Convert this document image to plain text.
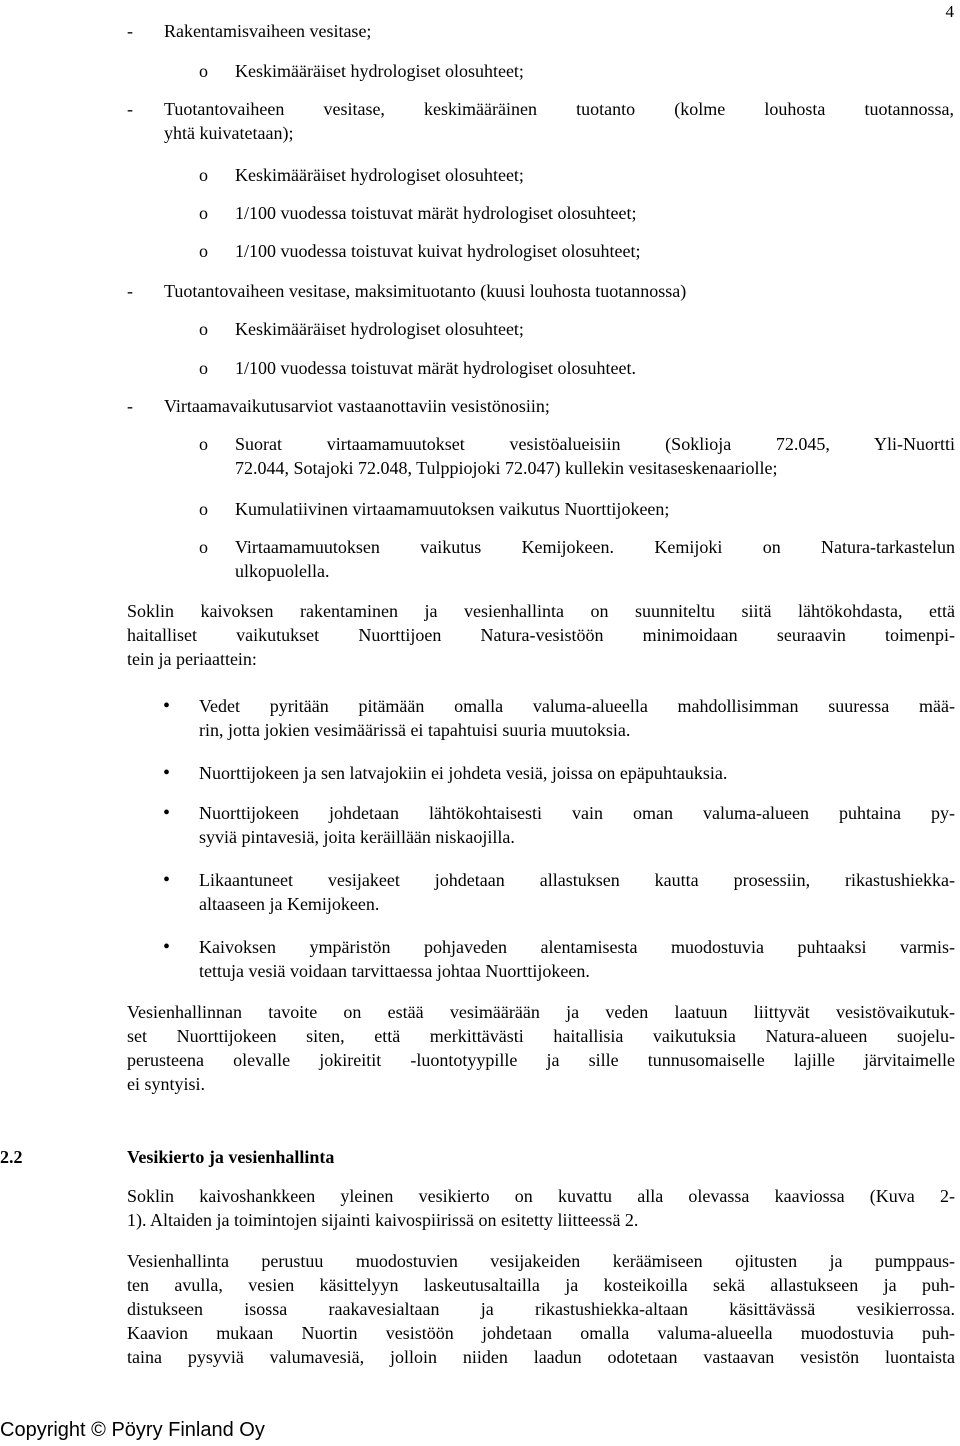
4
- Rakentamisvaiheen vesitase;
o Keskimääräiset hydrologiset olosuhteet;
- Tuotantovaiheen vesitase, keskimääräinen tuotanto (kolme louhosta tuotannossa,
yhtä kuivatetaan);
o Keskimääräiset hydrologiset olosuhteet;
o 1/100 vuodessa toistuvat märät hydrologiset olosuhteet;
o 1/100 vuodessa toistuvat kuivat hydrologiset olosuhteet;
- Tuotantovaiheen vesitase, maksimituotanto (kuusi louhosta tuotannossa)
o Keskimääräiset hydrologiset olosuhteet;
o 1/100 vuodessa toistuvat märät hydrologiset olosuhteet.
- Virtaamavaikutusarviot vastaanottaviin vesistönosiin;
o Suorat virtaamamuutokset vesistöalueisiin (Soklioja 72.045, Yli-Nuortti
72.044, Sotajoki 72.048, Tulppiojoki 72.047) kullekin vesitaseskenaariolle;
o Kumulatiivinen virtaamamuutoksen vaikutus Nuorttijokeen;
o Virtaamamuutoksen vaikutus Kemijokeen. Kemijoki on Natura-tarkastelun
ulkopuolella.
Soklin kaivoksen rakentaminen ja vesienhallinta on suunniteltu siitä lähtökohdasta, että
haitalliset vaikutukset Nuorttijoen Natura-vesistöön minimoidaan seuraavin toimenpi-
tein ja periaattein:
• Vedet pyritään pitämään omalla valuma-alueella mahdollisimman suuressa mää-
rin, jotta jokien vesimäärissä ei tapahtuisi suuria muutoksia.
• Nuorttijokeen ja sen latvajokiin ei johdeta vesiä, joissa on epäpuhtauksia.
• Nuorttijokeen johdetaan lähtökohtaisesti vain oman valuma-alueen puhtaina py-
syviä pintavesiä, joita keräillään niskaojilla.
• Likaantuneet vesijakeet johdetaan allastuksen kautta prosessiin, rikastushiekka-
altaaseen ja Kemijokeen.
• Kaivoksen ympäristön pohjaveden alentamisesta muodostuvia puhtaaksi varmis-
tettuja vesiä voidaan tarvittaessa johtaa Nuorttijokeen.
Vesienhallinnan tavoite on estää vesimäärään ja veden laatuun liittyvät vesistövaikutuk-
set Nuorttijokeen siten, että merkittävästi haitallisia vaikutuksia Natura-alueen suojelu-
perusteena olevalle jokireitit -luontotyypille ja sille tunnusomaiselle lajille järvitaimelle
ei syntyisi.
2.2	Vesikierto ja vesienhallinta
Soklin kaivoshankkeen yleinen vesikierto on kuvattu alla olevassa kaaviossa (Kuva 2-
1). Altaiden ja toimintojen sijainti kaivospiirissä on esitetty liitteessä 2.
Vesienhallinta perustuu muodostuvien vesijakeiden keräämiseen ojitusten ja pumppaus-
ten avulla, vesien käsittelyyn laskeutusaltailla ja kosteikoilla sekä allastukseen ja puh-
distukseen isossa raakavesialtaan ja rikastushiekka-altaan käsittävässä vesikierrossa.
Kaavion mukaan Nuortin vesistöön johdetaan omalla valuma-alueella muodostuvia puh-
taina pysyviä valumavesiä, jolloin niiden laadun odotetaan vastaavan vesistön luontaista
Copyright © Pöyry Finland Oy
